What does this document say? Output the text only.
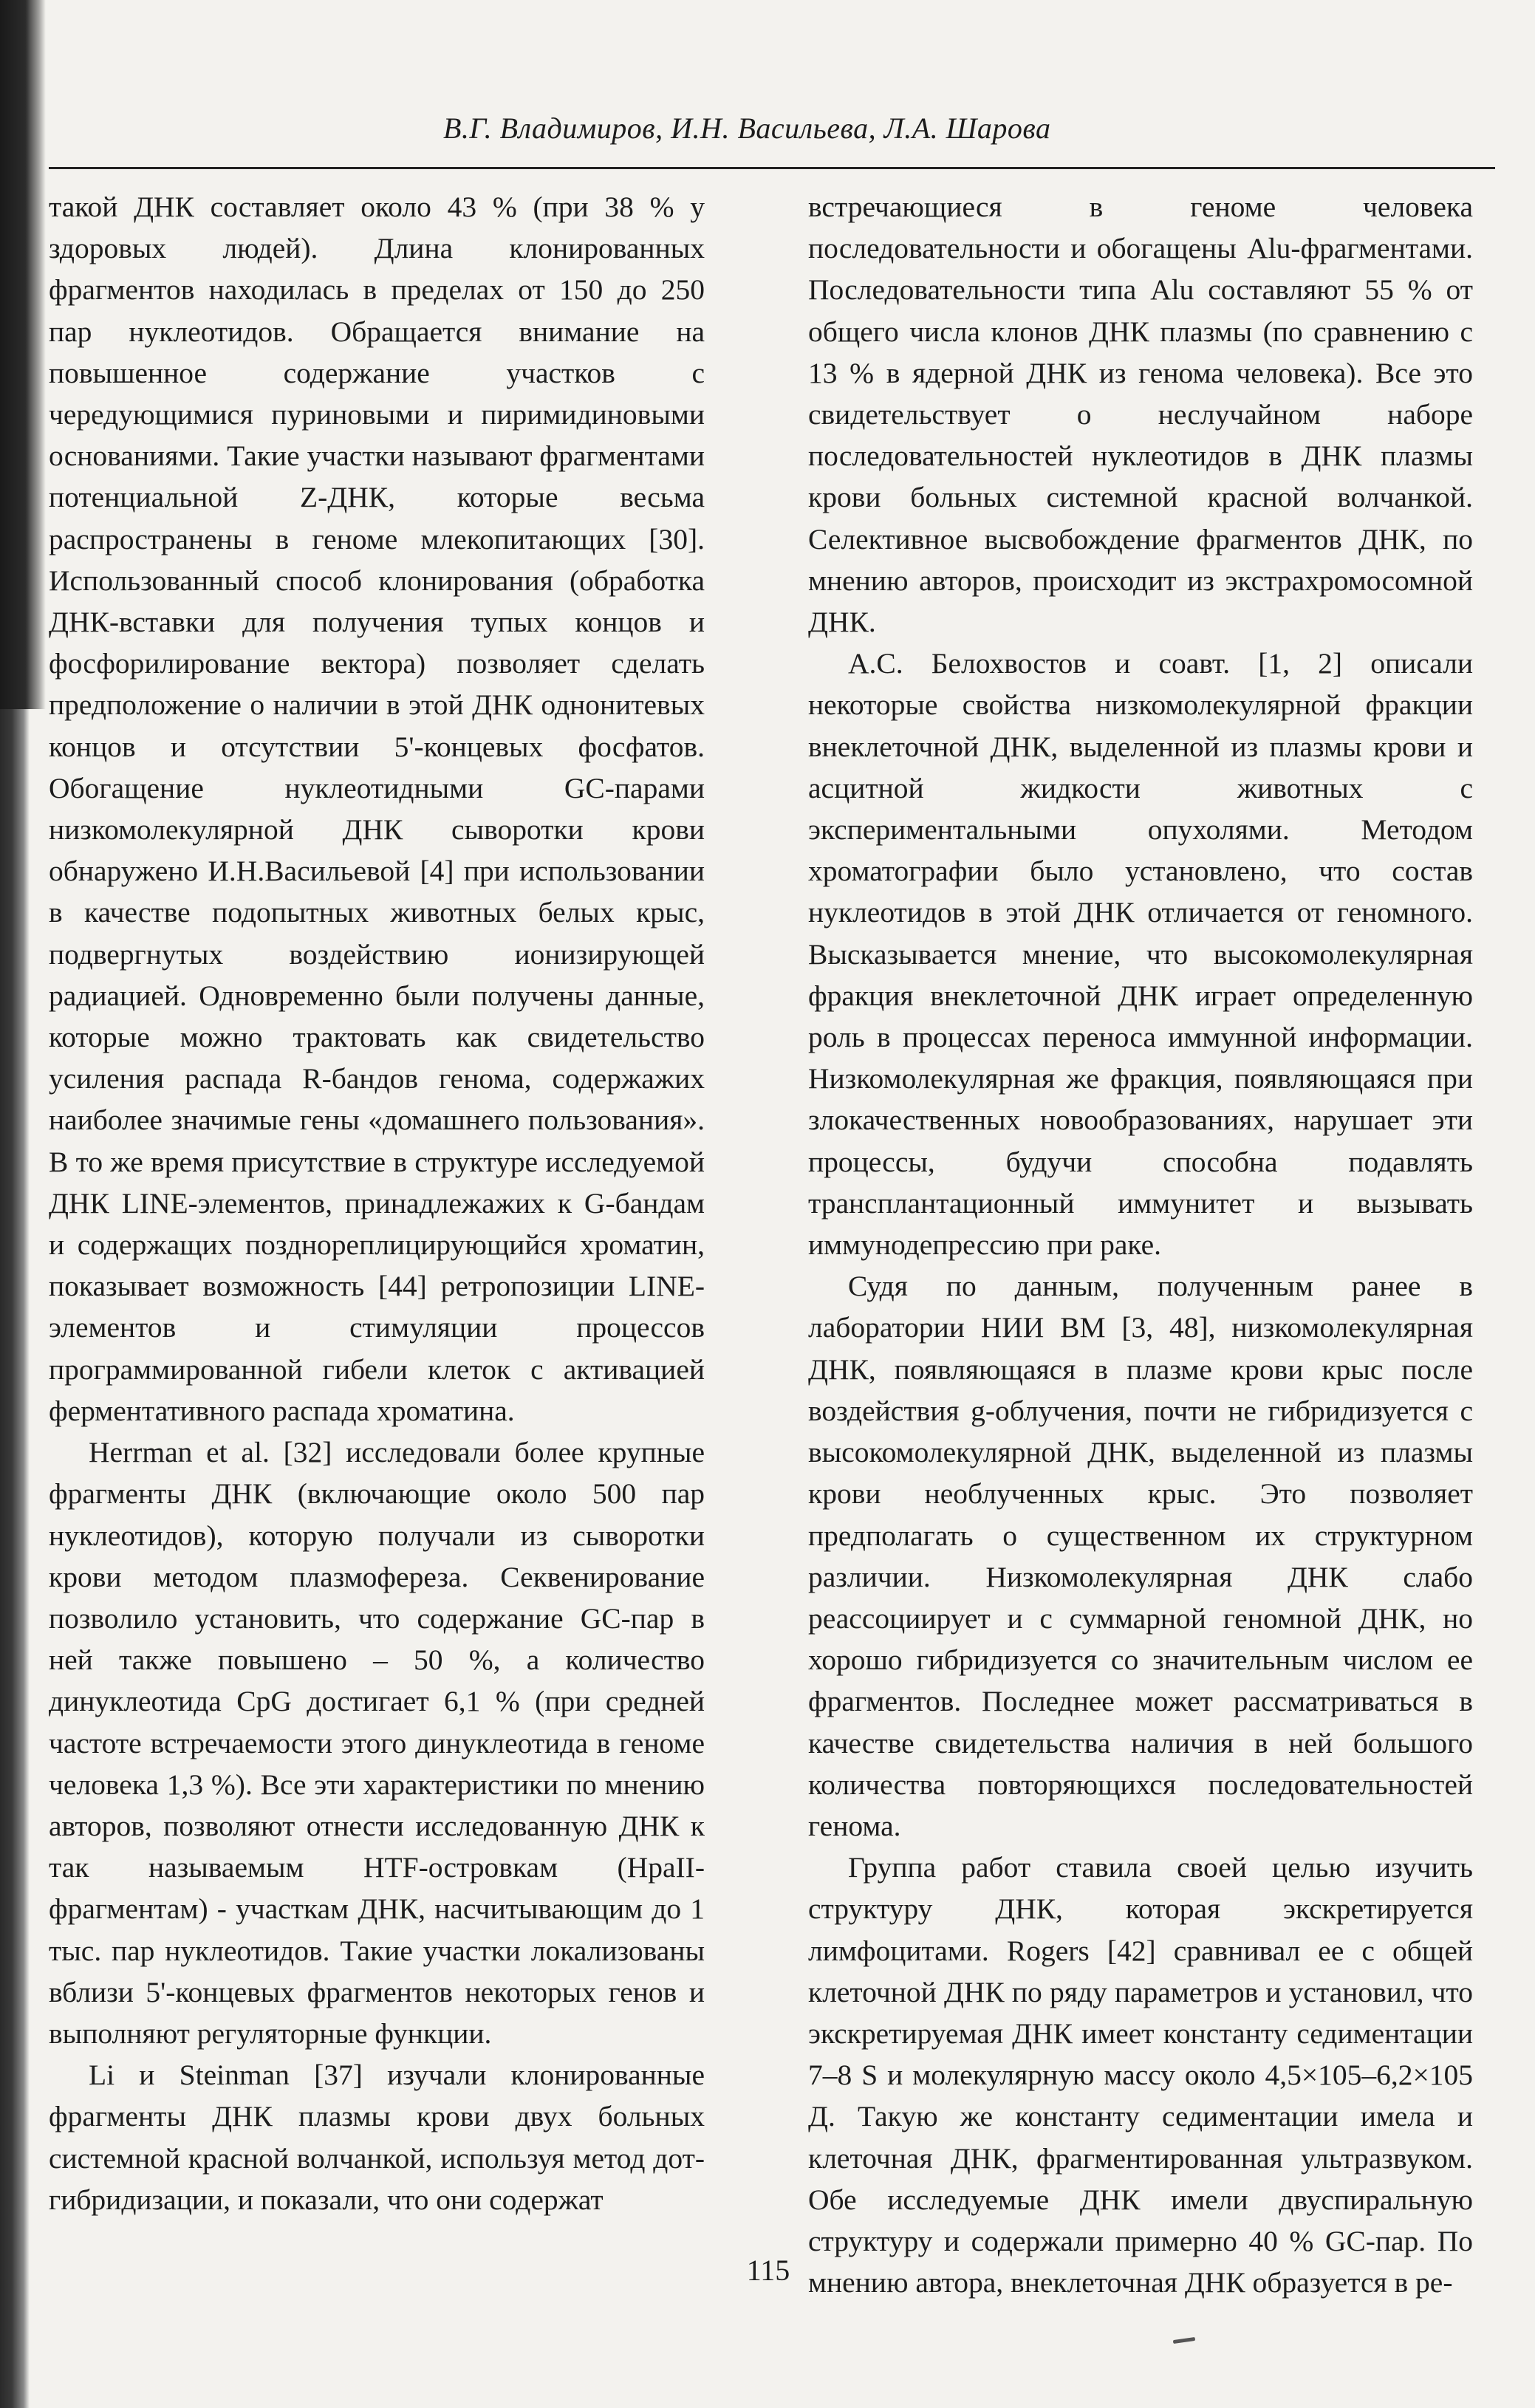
В.Г. Владимиров, И.Н. Васильева, Л.А. Шарова

такой ДНК составляет около 43 % (при 38 % у здоровых людей). Длина клонированных фрагментов находилась в пределах от 150 до 250 пар нуклеотидов. Обращается внимание на повышенное содержание участков с чередующимися пуриновыми и пиримидиновыми основаниями. Такие участки называют фрагментами потенциальной Z-ДНК, которые весьма распространены в геноме млекопитающих [30]. Использованный способ клонирования (обработка ДНК-вставки для получения тупых концов и фосфорилирование вектора) позволяет сделать предположение о наличии в этой ДНК однонитевых концов и отсутствии 5'-концевых фосфатов. Обогащение нуклеотидными GC-парами низкомолекулярной ДНК сыворотки крови обнаружено И.Н.Васильевой [4] при использовании в качестве подопытных животных белых крыс, подвергнутых воздействию ионизирующей радиацией. Одновременно были получены данные, которые можно трактовать как свидетельство усиления распада R-бандов генома, содержажих наиболее значимые гены «домашнего пользования». В то же время присутствие в структуре исследуемой ДНК LINE-элементов, принадлежажих к G-бандам и содержащих позднореплицирующийся хроматин, показывает возможность [44] ретропозиции LINE-элементов и стимуляции процессов программированной гибели клеток с активацией ферментативного распада хроматина.

Herrman et al. [32] исследовали более крупные фрагменты ДНК (включающие около 500 пар нуклеотидов), которую получали из сыворотки крови методом плазмофереза. Секвенирование позволило установить, что содержание GC-пар в ней также повышено – 50 %, а количество динуклеотида CpG достигает 6,1 % (при средней частоте встречаемости этого динуклеотида в геноме человека 1,3 %). Все эти характеристики по мнению авторов, позволяют отнести исследованную ДНК к так называемым HTF-островкам (HpaII-фрагментам) - участкам ДНК, насчитывающим до 1 тыс. пар нуклеотидов. Такие участки локализованы вблизи 5'-концевых фрагментов некоторых генов и выполняют регуляторные функции.

Li и Steinman [37] изучали клонированные фрагменты ДНК плазмы крови двух больных системной красной волчанкой, используя метод дот-гибридизации, и показали, что они содержат

встречающиеся в геноме человека последовательности и обогащены Alu-фрагментами. Последовательности типа Alu составляют 55 % от общего числа клонов ДНК плазмы (по сравнению с 13 % в ядерной ДНК из генома человека). Все это свидетельствует о неслучайном наборе последовательностей нуклеотидов в ДНК плазмы крови больных системной красной волчанкой. Селективное высвобождение фрагментов ДНК, по мнению авторов, происходит из экстрахромосомной ДНК.

А.С. Белохвостов и соавт. [1, 2] описали некоторые свойства низкомолекулярной фракции внеклеточной ДНК, выделенной из плазмы крови и асцитной жидкости животных с экспериментальными опухолями. Методом хроматографии было установлено, что состав нуклеотидов в этой ДНК отличается от геномного. Высказывается мнение, что высокомолекулярная фракция внеклеточной ДНК играет определенную роль в процессах переноса иммунной информации. Низкомолекулярная же фракция, появляющаяся при злокачественных новообразованиях, нарушает эти процессы, будучи способна подавлять трансплантационный иммунитет и вызывать иммунодепрессию при раке.

Судя по данным, полученным ранее в лаборатории НИИ ВМ [3, 48], низкомолекулярная ДНК, появляющаяся в плазме крови крыс после воздействия g-облучения, почти не гибридизуется с высокомолекулярной ДНК, выделенной из плазмы крови необлученных крыс. Это позволяет предполагать о существенном их структурном различии. Низкомолекулярная ДНК слабо реассоциирует и с суммарной геномной ДНК, но хорошо гибридизуется со значительным числом ее фрагментов. Последнее может рассматриваться в качестве свидетельства наличия в ней большого количества повторяющихся последовательностей генома.

Группа работ ставила своей целью изучить структуру ДНК, которая экскретируется лимфоцитами. Rogers [42] сравнивал ее с общей клеточной ДНК по ряду параметров и установил, что экскретируемая ДНК имеет константу седиментации 7–8 S и молекулярную массу около 4,5×105–6,2×105 Д. Такую же константу седиментации имела и клеточная ДНК, фрагментированная ультразвуком. Обе исследуемые ДНК имели двуспиральную структуру и содержали примерно 40 % GC-пар. По мнению автора, внеклеточная ДНК образуется в ре-

115
